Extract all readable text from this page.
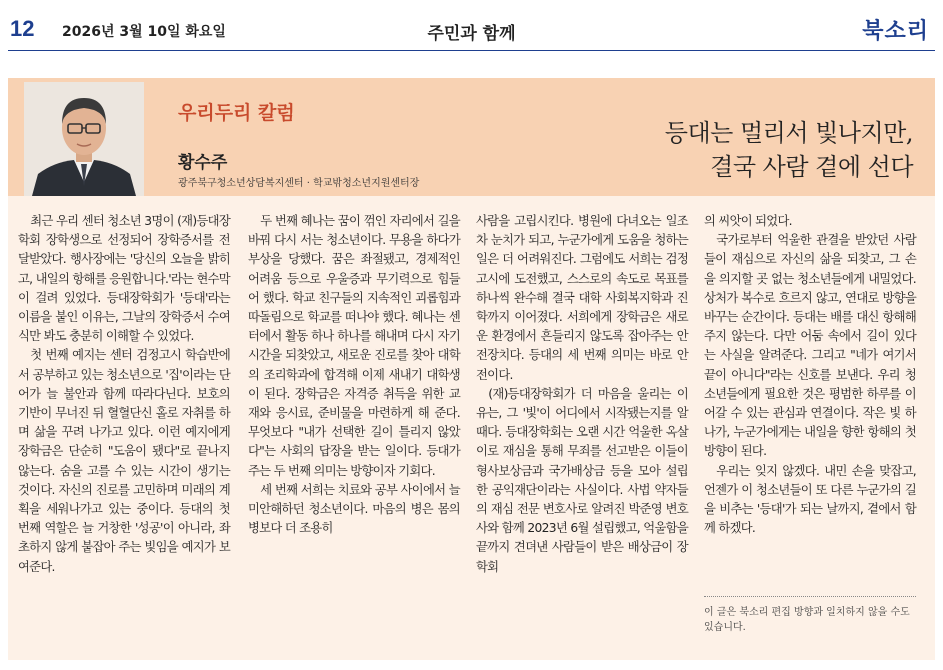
12 2026년 3월 10일 화요일	주민과 함께	북소리
우리두리 칼럼
황수주
광주북구청소년상담복지센터 · 학교밖청소년지원센터장
등대는 멀리서 빛나지만,
결국 사람 곁에 선다

최근 우리 센터 청소년 3명이 (재)등대장학회 장학생으로 선정되어 장학증서를 전달받았다. 행사장에는 '당신의 오늘을 밝히고, 내일의 항해를 응원합니다.'라는 현수막이 걸려 있었다. 등대장학회가 '등대'라는 이름을 붙인 이유는, 그날의 장학증서 수여식만 봐도 충분히 이해할 수 있었다.

첫 번째 예지는 센터 검정고시 학습반에서 공부하고 있는 청소년으로 '집'이라는 단어가 늘 불안과 함께 따라다닌다. 보호의 기반이 무너진 뒤 혈혈단신 홀로 자취를 하며 삶을 꾸려 나가고 있다. 이런 예지에게 장학금은 단순히 "도움이 됐다"로 끝나지 않는다. 숨을 고를 수 있는 시간이 생기는 것이다. 자신의 진로를 고민하며 미래의 계획을 세워나가고 있는 중이다. 등대의 첫 번째 역할은 늘 거창한 '성공'이 아니라, 좌초하지 않게 붙잡아 주는 빛임을 예지가 보여준다.

두 번째 혜나는 꿈이 꺾인 자리에서 길을 바꿔 다시 서는 청소년이다. 무용을 하다가 부상을 당했다. 꿈은 좌절됐고, 경제적인 어려움 등으로 우울증과 무기력으로 힘들어 했다. 학교 친구들의 지속적인 괴롭힘과 따돌림으로 학교를 떠나야 했다. 혜나는 센터에서 활동 하나 하나를 해내며 다시 자기 시간을 되찾았고, 새로운 진로를 찾아 대학의 조리학과에 합격해 이제 새내기 대학생이 된다. 장학금은 자격증 취득을 위한 교재와 응시료, 준비물을 마련하게 해 준다. 무엇보다 "내가 선택한 길이 틀리지 않았다"는 사회의 답장을 받는 일이다. 등대가 주는 두 번째 의미는 방향이자 기회다.

세 번째 서희는 치료와 공부 사이에서 늘 미안해하던 청소년이다. 마음의 병은 몸의 병보다 더 조용히

사람을 고립시킨다. 병원에 다녀오는 일조차 눈치가 되고, 누군가에게 도움을 청하는 일은 더 어려워진다. 그럼에도 서희는 검정고시에 도전했고, 스스로의 속도로 목표를 하나씩 완수해 결국 대학 사회복지학과 진학까지 이어졌다. 서희에게 장학금은 새로운 환경에서 흔들리지 않도록 잡아주는 안전장치다. 등대의 세 번째 의미는 바로 안전이다.

(재)등대장학회가 더 마음을 울리는 이유는, 그 '빛'이 어디에서 시작됐는지를 알 때다. 등대장학회는 오랜 시간 억울한 옥살이로 재심을 통해 무죄를 선고받은 이들이 형사보상금과 국가배상금 등을 모아 설립한 공익재단이라는 사실이다. 사법 약자들의 재심 전문 변호사로 알려진 박준영 변호사와 함께 2023년 6월 설립했고, 억울함을 끝까지 견뎌낸 사람들이 받은 배상금이 장학회

의 씨앗이 되었다.

국가로부터 억울한 관결을 받았던 사람들이 재심으로 자신의 삶을 되찾고, 그 손을 의지할 곳 없는 청소년들에게 내밀었다. 상처가 복수로 흐르지 않고, 연대로 방향을 바꾸는 순간이다. 등대는 배를 대신 항해해주지 않는다. 다만 어둠 속에서 길이 있다는 사실을 알려준다. 그리고 "네가 여기서 끝이 아니다"라는 신호를 보낸다. 우리 청소년들에게 필요한 것은 평범한 하루를 이어갈 수 있는 관심과 연결이다. 작은 빛 하나가, 누군가에게는 내일을 향한 항해의 첫 방향이 된다.

우리는 잊지 않겠다. 내민 손을 맞잡고, 언젠가 이 청소년들이 또 다른 누군가의 길을 비추는 '등대'가 되는 날까지, 곁에서 함께 하겠다.

이 글은 북소리 편집 방향과 일치하지 않을 수도 있습니다.
